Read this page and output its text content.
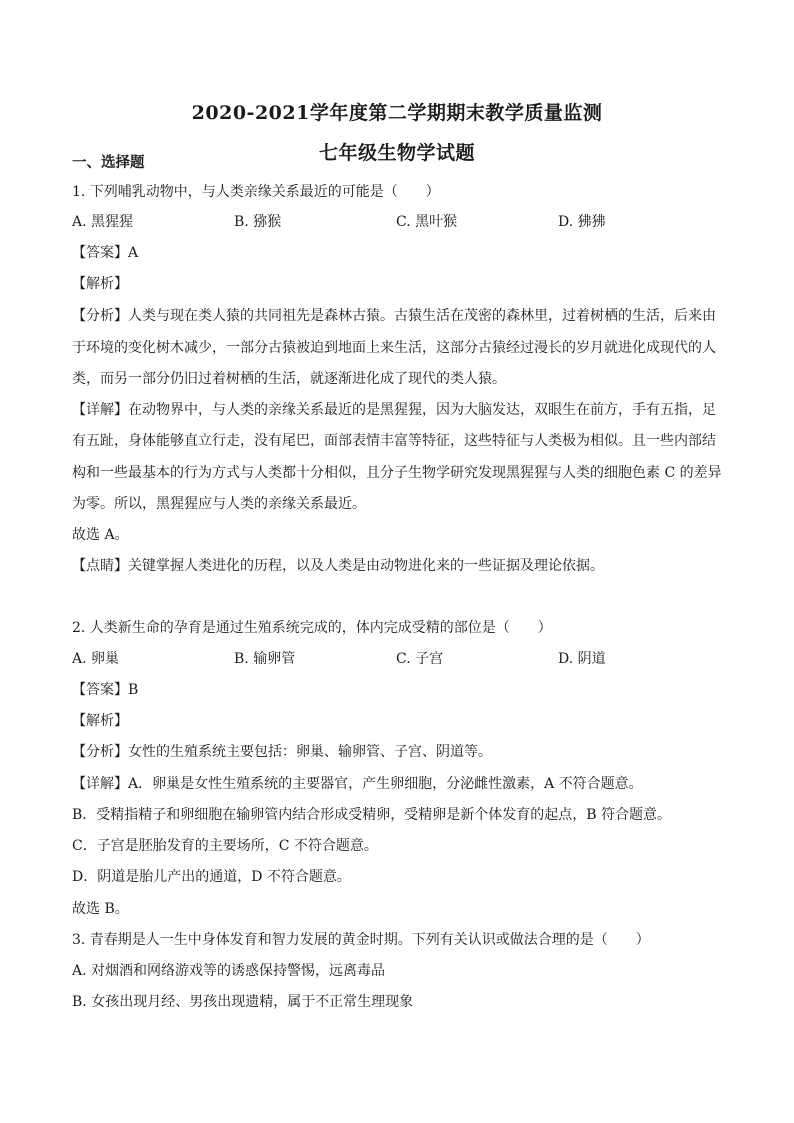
2020-2021学年度第二学期期末教学质量监测
七年级生物学试题
一、选择题
1. 下列哺乳动物中，与人类亲缘关系最近的可能是（　　）
A. 黑猩猩	B. 猕猴	C. 黑叶猴	D. 狒狒
【答案】A
【解析】
【分析】人类与现在类人猿的共同祖先是森林古猿。古猿生活在茂密的森林里，过着树栖的生活，后来由
于环境的变化树木减少，一部分古猿被迫到地面上来生活，这部分古猿经过漫长的岁月就进化成现代的人
类，而另一部分仍旧过着树栖的生活，就逐渐进化成了现代的类人猿。
【详解】在动物界中，与人类的亲缘关系最近的是黑猩猩，因为大脑发达，双眼生在前方，手有五指，足
有五趾，身体能够直立行走，没有尾巴，面部表情丰富等特征，这些特征与人类极为相似。且一些内部结
构和一些最基本的行为方式与人类都十分相似，且分子生物学研究发现黑猩猩与人类的细胞色素 C 的差异
为零。所以，黑猩猩应与人类的亲缘关系最近。
故选 A。
【点睛】关键掌握人类进化的历程，以及人类是由动物进化来的一些证据及理论依据。
2. 人类新生命的孕育是通过生殖系统完成的，体内完成受精的部位是（　　）
A. 卵巢	B. 输卵管	C. 子宫	D. 阴道
【答案】B
【解析】
【分析】女性的生殖系统主要包括：卵巢、输卵管、子宫、阴道等。
【详解】A．卵巢是女性生殖系统的主要器官，产生卵细胞，分泌雌性激素，A 不符合题意。
B．受精指精子和卵细胞在输卵管内结合形成受精卵，受精卵是新个体发育的起点，B 符合题意。
C．子宫是胚胎发育的主要场所，C 不符合题意。
D．阴道是胎儿产出的通道，D 不符合题意。
故选 B。
3. 青春期是人一生中身体发育和智力发展的黄金时期。下列有关认识或做法合理的是（　　）
A. 对烟酒和网络游戏等的诱惑保持警惕，远离毒品
B. 女孩出现月经、男孩出现遗精，属于不正常生理现象
